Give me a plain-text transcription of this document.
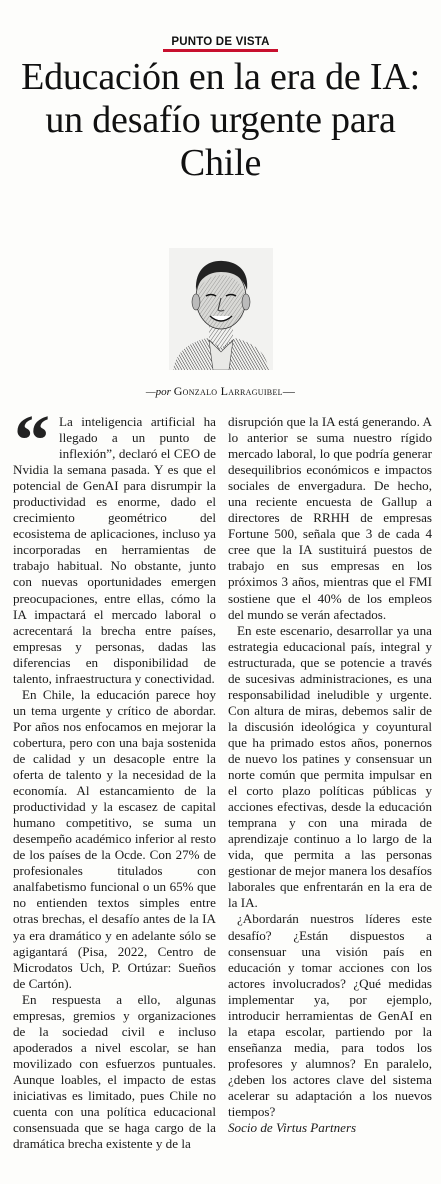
PUNTO DE VISTA
Educación en la era de IA: un desafío urgente para Chile
—por Gonzalo Larraguibel—
“ La inteligencia artificial ha llegado a un punto de inflexión”, declaró el CEO de Nvidia la semana pasada. Y es que el potencial de GenAI para disrumpir la productividad es enorme, dado el crecimiento geométrico del ecosistema de aplicaciones, incluso ya incorporadas en herramientas de trabajo habitual. No obstante, junto con nuevas oportunidades emergen preocupaciones, entre ellas, cómo la IA impactará el mercado laboral o acrecentará la brecha entre países, empresas y personas, dadas las diferencias en disponibilidad de talento, infraestructura y conectividad.

En Chile, la educación parece hoy un tema urgente y crítico de abordar. Por años nos enfocamos en mejorar la cobertura, pero con una baja sostenida de calidad y un desacople entre la oferta de talento y la necesidad de la economía. Al estancamiento de la productividad y la escasez de capital humano competitivo, se suma un desempeño académico inferior al resto de los países de la Ocde. Con 27% de profesionales titulados con analfabetismo funcional o un 65% que no entienden textos simples entre otras brechas, el desafío antes de la IA ya era dramático y en adelante sólo se agigantará (Pisa, 2022, Centro de Microdatos Uch, P. Ortúzar: Sueños de Cartón).

En respuesta a ello, algunas empresas, gremios y organizaciones de la sociedad civil e incluso apoderados a nivel escolar, se han movilizado con esfuerzos puntuales. Aunque loables, el impacto de estas iniciativas es limitado, pues Chile no cuenta con una política educacional consensuada que se haga cargo de la dramática brecha existente y de la

disrupción que la IA está generando. A lo anterior se suma nuestro rígido mercado laboral, lo que podría generar desequilibrios económicos e impactos sociales de envergadura. De hecho, una reciente encuesta de Gallup a directores de RRHH de empresas Fortune 500, señala que 3 de cada 4 cree que la IA sustituirá puestos de trabajo en sus empresas en los próximos 3 años, mientras que el FMI sostiene que el 40% de los empleos del mundo se verán afectados.

En este escenario, desarrollar ya una estrategia educacional país, integral y estructurada, que se potencie a través de sucesivas administraciones, es una responsabilidad ineludible y urgente. Con altura de miras, debemos salir de la discusión ideológica y coyuntural que ha primado estos años, ponernos de nuevo los patines y consensuar un norte común que permita impulsar en el corto plazo políticas públicas y acciones efectivas, desde la educación temprana y con una mirada de aprendizaje continuo a lo largo de la vida, que permita a las personas gestionar de mejor manera los desafíos laborales que enfrentarán en la era de la IA.

¿Abordarán nuestros líderes este desafío? ¿Están dispuestos a consensuar una visión país en educación y tomar acciones con los actores involucrados? ¿Qué medidas implementar ya, por ejemplo, introducir herramientas de GenAI en la etapa escolar, partiendo por la enseñanza media, para todos los profesores y alumnos? En paralelo, ¿deben los actores clave del sistema acelerar su adaptación a los nuevos tiempos?

Socio de Virtus Partners
